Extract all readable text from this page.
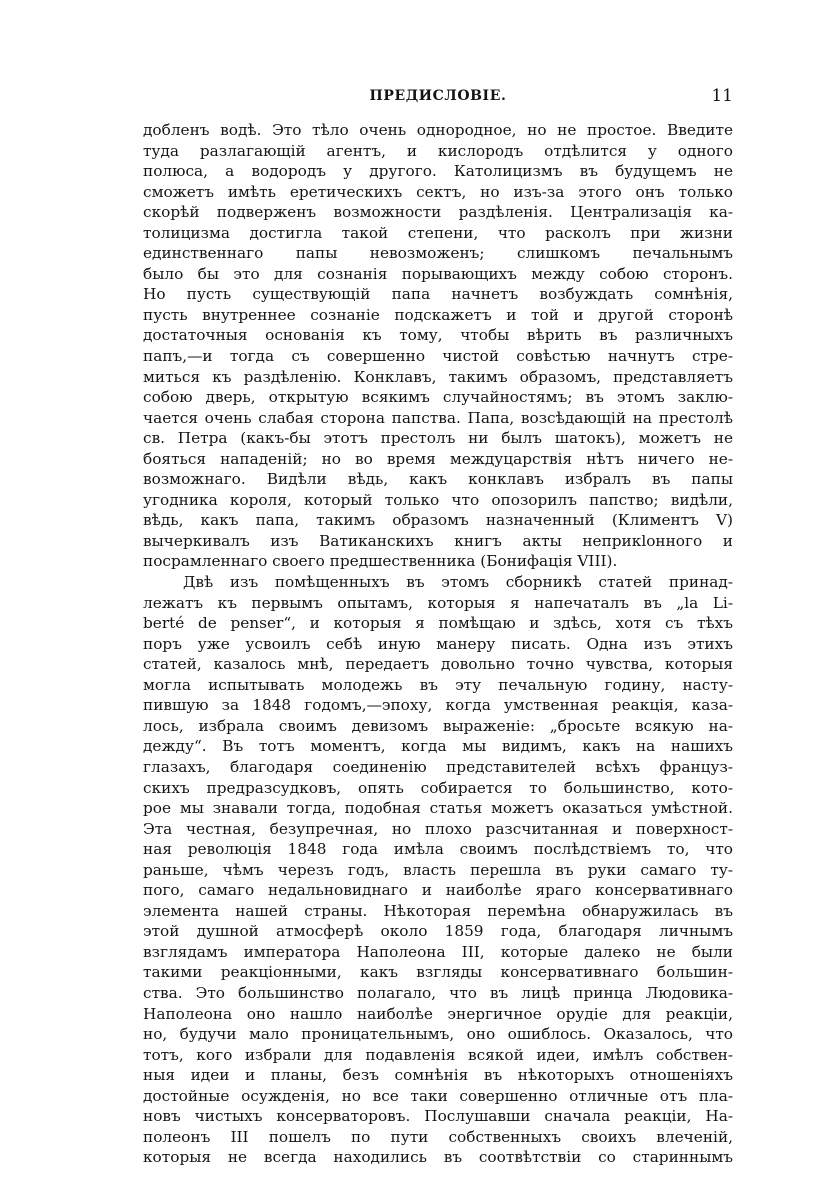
ПРЕДИСЛОВІЕ.	11
добленъ водѣ. Это тѣло очень однородное, но не простое. Введите
туда разлагающій агентъ, и кислородъ отдѣлится у одного
полюса, а водородъ у другого. Католицизмъ въ будущемъ не
сможетъ имѣть еретическихъ сектъ, но изъ-за этого онъ только
скорѣй подверженъ возможности раздѣленія. Централизація ка-
толицизма достигла такой степени, что расколъ при жизни
единственнаго папы невозможенъ; слишкомъ печальнымъ
было бы это для сознанія порывающихъ между собою сторонъ.
Но пусть существующій папа начнетъ возбуждать сомнѣнія,
пусть внутреннее сознаніе подскажетъ и той и другой сторонѣ
достаточныя основанія къ тому, чтобы вѣрить въ различныхъ
папъ,—и тогда съ совершенно чистой совѣстью начнутъ стре-
миться къ раздѣленію. Конклавъ, такимъ образомъ, представляетъ
собою дверь, открытую всякимъ случайностямъ; въ этомъ заклю-
чается очень слабая сторона папства. Папа, возсѣдающій на престолѣ
св. Петра (какъ-бы этотъ престолъ ни былъ шатокъ), можетъ не
бояться нападеній; но во время междуцарствія нѣтъ ничего не-
возможнаго. Видѣли вѣдь, какъ конклавъ избралъ въ папы
угодника короля, который только что опозорилъ папство; видѣли,
вѣдь, какъ папа, такимъ образомъ назначенный (Климентъ V)
вычеркивалъ изъ Ватиканскихъ книгъ акты неприкlонного и
посрамленнаго своего предшественника (Бонифація VIII).
Двѣ изъ помѣщенныхъ въ этомъ сборникѣ статей принад-
лежатъ къ первымъ опытамъ, которыя я напечаталъ въ „la Li-
berté de penser“, и которыя я помѣщаю и здѣсь, хотя съ тѣхъ
поръ уже усвоилъ себѣ иную манеру писать. Одна изъ этихъ
статей, казалось мнѣ, передаетъ довольно точно чувства, которыя
могла испытывать молодежь въ эту печальную годину, насту-
пившую за 1848 годомъ,—эпоху, когда умственная реакція, каза-
лось, избрала своимъ девизомъ выраженіе: „бросьте всякую на-
дежду“. Въ тотъ моментъ, когда мы видимъ, какъ на нашихъ
глазахъ, благодаря соединенію представителей всѣхъ француз-
скихъ предразсудковъ, опять собирается то большинство, кото-
рое мы знавали тогда, подобная статья можетъ оказаться умѣстной.
Эта честная, безупречная, но плохо разсчитанная и поверхност-
ная революція 1848 года имѣла своимъ послѣдствіемъ то, что
раньше, чѣмъ черезъ годъ, власть перешла въ руки самаго ту-
пого, самаго недальновиднаго и наиболѣе яраго консервативнаго
элемента нашей страны. Нѣкоторая перемѣна обнаружилась въ
этой душной атмосферѣ около 1859 года, благодаря личнымъ
взглядамъ императора Наполеона III, которые далеко не были
такими реакціонными, какъ взгляды консервативнаго большин-
ства. Это большинство полагало, что въ лицѣ принца Людовика-
Наполеона оно нашло наиболѣе энергичное орудіе для реакціи,
но, будучи мало проницательнымъ, оно ошиблось. Оказалось, что
тотъ, кого избрали для подавленія всякой идеи, имѣлъ собствен-
ныя идеи и планы, безъ сомнѣнія въ нѣкоторыхъ отношеніяхъ
достойные осужденія, но все таки совершенно отличные отъ пла-
новъ чистыхъ консерваторовъ. Послушавши сначала реакціи, На-
полеонъ III пошелъ по пути собственныхъ своихъ влеченій,
которыя не всегда находились въ соотвѣтствіи со стариннымъ
